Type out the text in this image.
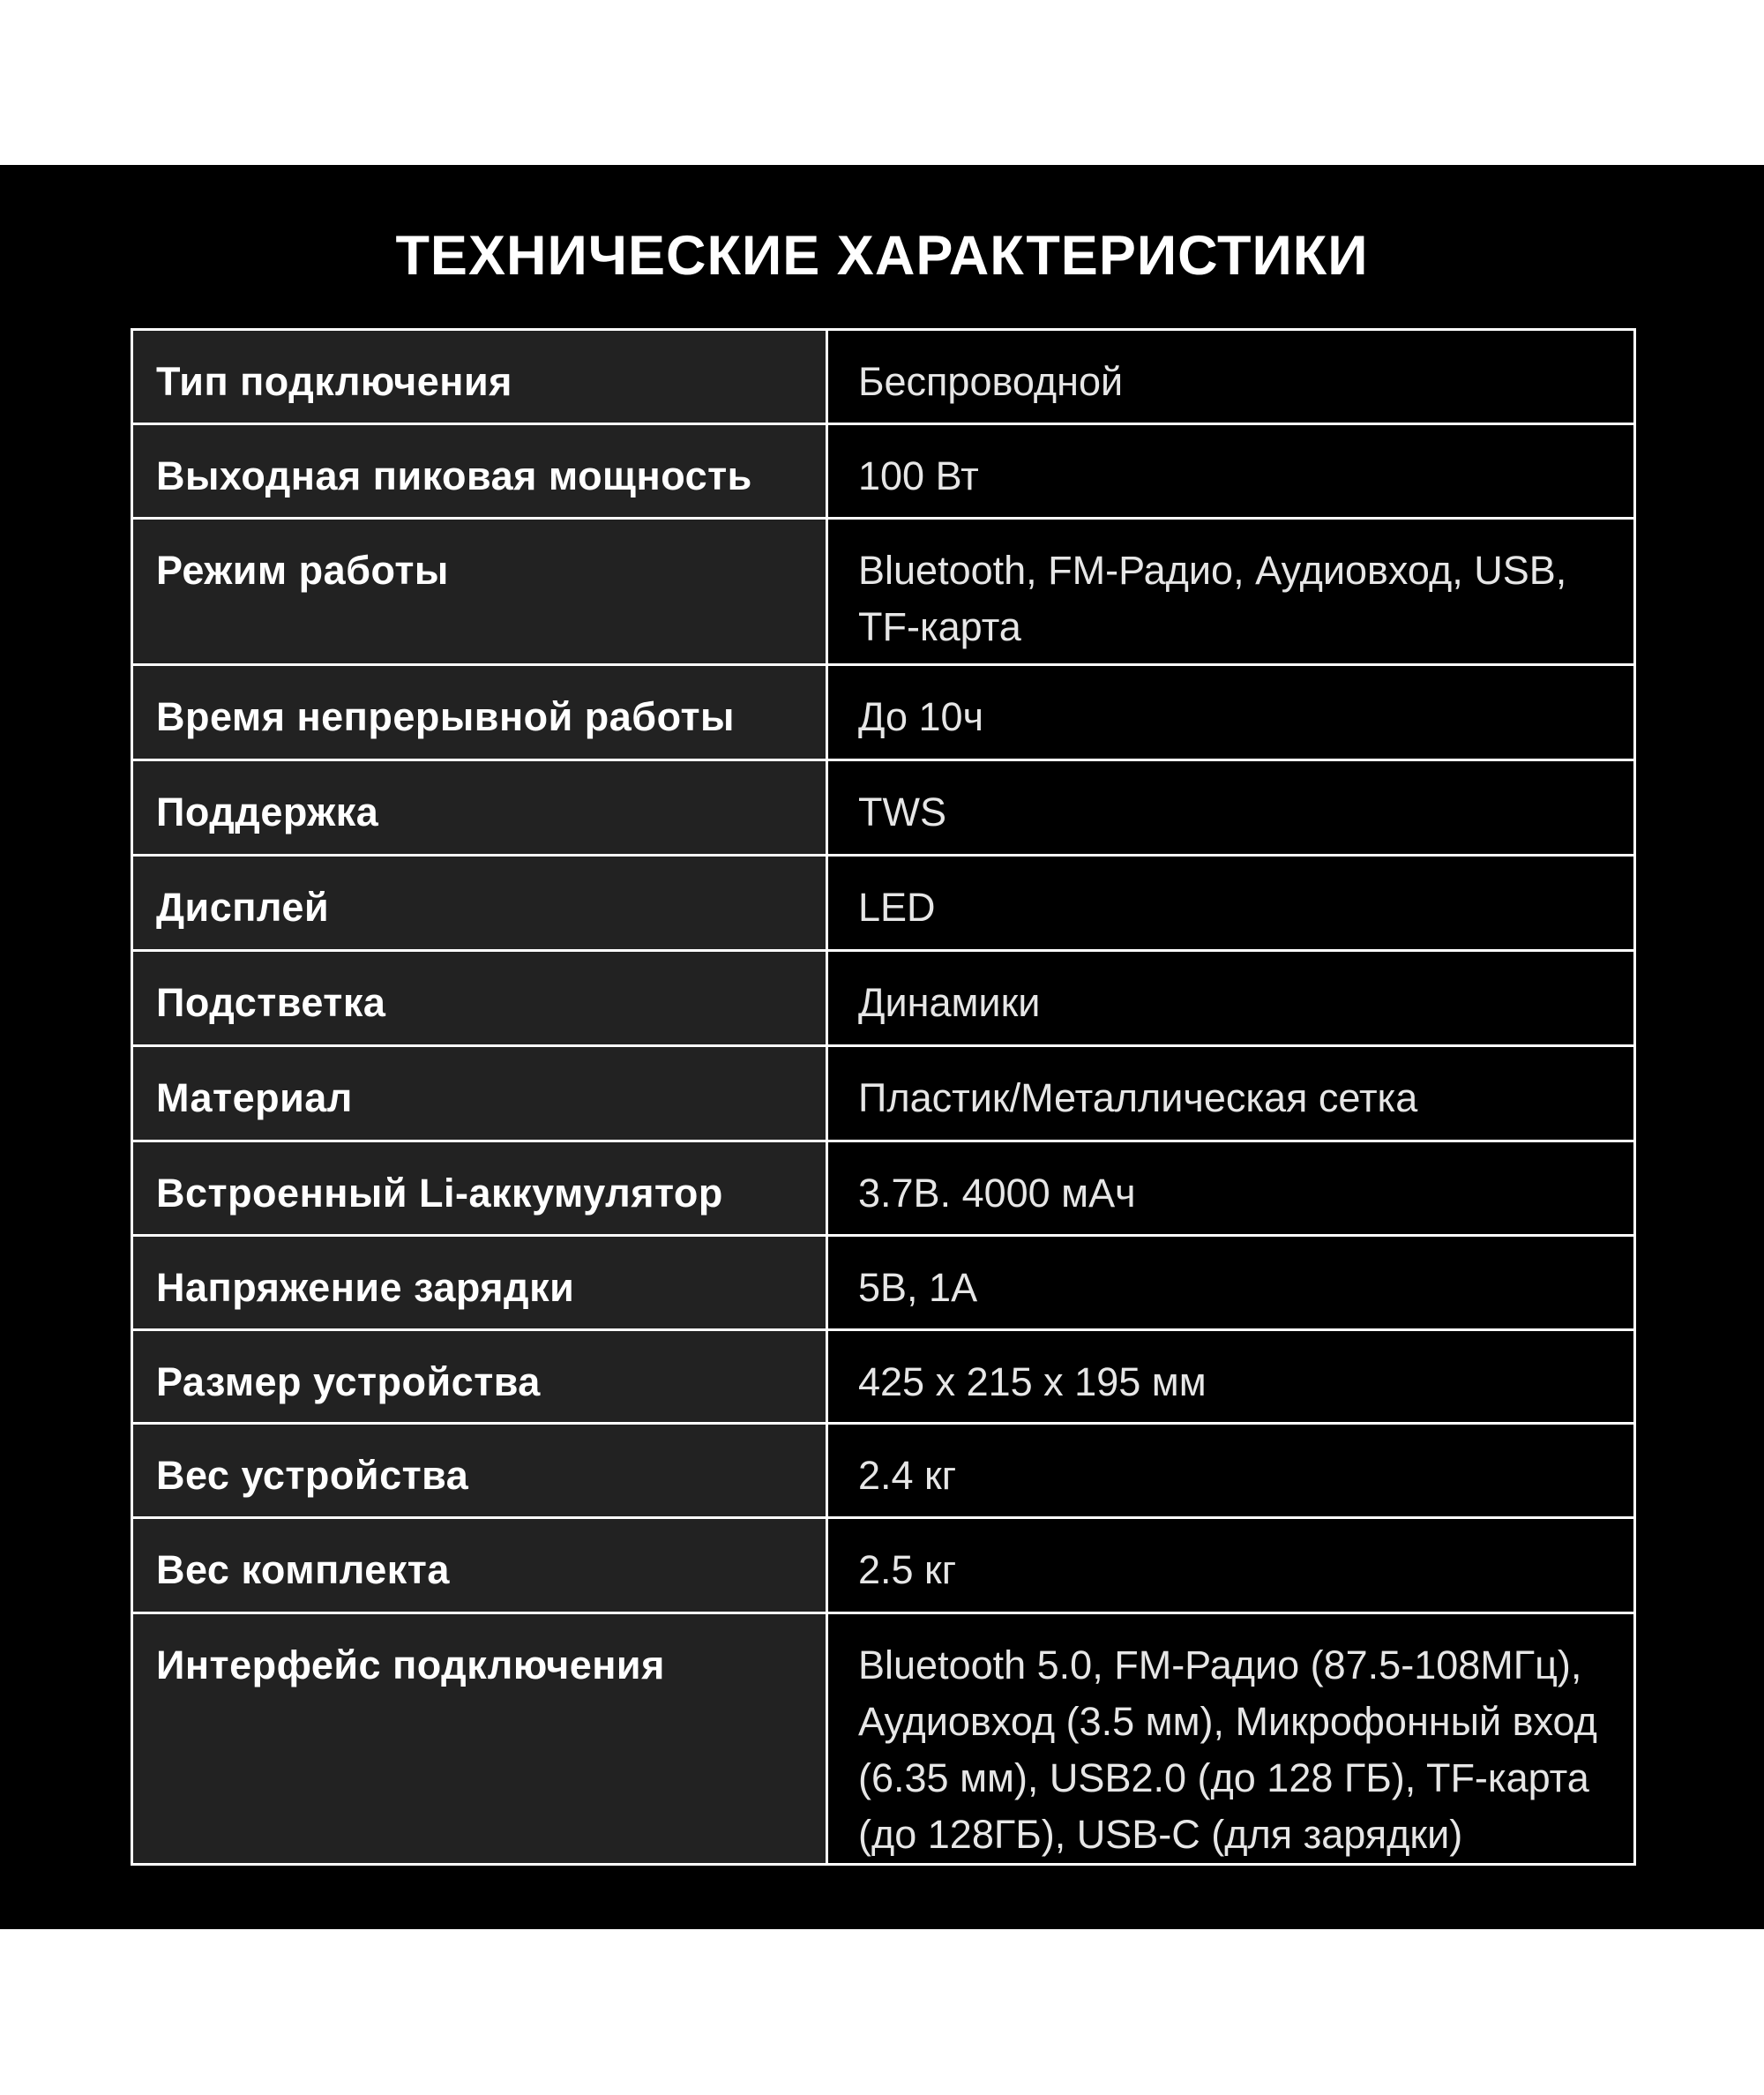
ТЕХНИЧЕСКИЕ ХАРАКТЕРИСТИКИ
Тип подключения	Беспроводной
Выходная пиковая мощность	100 Вт
Режим работы	Bluetooth, FM-Радио, Аудиовход, USB, TF-карта
Время непрерывной работы	До 10ч
Поддержка	TWS
Дисплей	LED
Подстветка	Динамики
Материал	Пластик/Металлическая сетка
Встроенный Li-аккумулятор	3.7В. 4000 мАч
Напряжение зарядки	5В, 1А
Размер устройства	425 х 215 х 195 мм
Вес устройства	2.4 кг
Вес комплекта	2.5 кг
Интерфейс подключения	Bluetooth 5.0, FM-Радио (87.5-108МГц), Аудиовход (3.5 мм), Микрофонный вход (6.35 мм), USB2.0 (до 128 ГБ), TF-карта (до 128ГБ), USB-C (для зарядки)
